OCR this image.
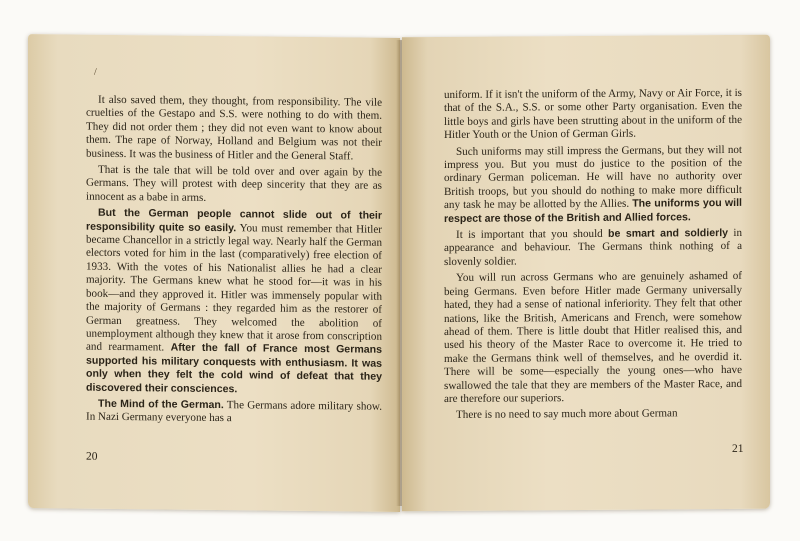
/

It also saved them, they thought, from responsibility. The vile cruelties of the Gestapo and S.S. were nothing to do with them. They did not order them ; they did not even want to know about them. The rape of Norway, Holland and Belgium was not their business. It was the business of Hitler and the General Staff.

That is the tale that will be told over and over again by the Germans. They will protest with deep sincerity that they are as innocent as a babe in arms.

But the German people cannot slide out of their responsibility quite so easily. You must remember that Hitler became Chancellor in a strictly legal way. Nearly half the German electors voted for him in the last (comparatively) free election of 1933. With the votes of his Nationalist allies he had a clear majority. The Germans knew what he stood for—it was in his book—and they approved it. Hitler was immensely popular with the majority of Germans : they regarded him as the restorer of German greatness. They welcomed the abolition of unemployment although they knew that it arose from conscription and rearmament. After the fall of France most Germans supported his military conquests with enthusiasm. It was only when they felt the cold wind of defeat that they discovered their consciences.

The Mind of the German. The Germans adore military show. In Nazi Germany everyone has a

20
'

uniform. If it isn't the uniform of the Army, Navy or Air Force, it is that of the S.A., S.S. or some other Party organisation. Even the little boys and girls have been strutting about in the uniform of the Hitler Youth or the Union of German Girls.

Such uniforms may still impress the Germans, but they will not impress you. But you must do justice to the position of the ordinary German policeman. He will have no authority over British troops, but you should do nothing to make more difficult any task he may be allotted by the Allies. The uniforms you will respect are those of the British and Allied forces.

It is important that you should be smart and soldierly in appearance and behaviour. The Germans think nothing of a slovenly soldier.

You will run across Germans who are genuinely ashamed of being Germans. Even before Hitler made Germany universally hated, they had a sense of national inferiority. They felt that other nations, like the British, Americans and French, were somehow ahead of them. There is little doubt that Hitler realised this, and used his theory of the Master Race to overcome it. He tried to make the Germans think well of themselves, and he overdid it. There will be some—especially the young ones—who have swallowed the tale that they are members of the Master Race, and are therefore our superiors.

There is no need to say much more about German

21
